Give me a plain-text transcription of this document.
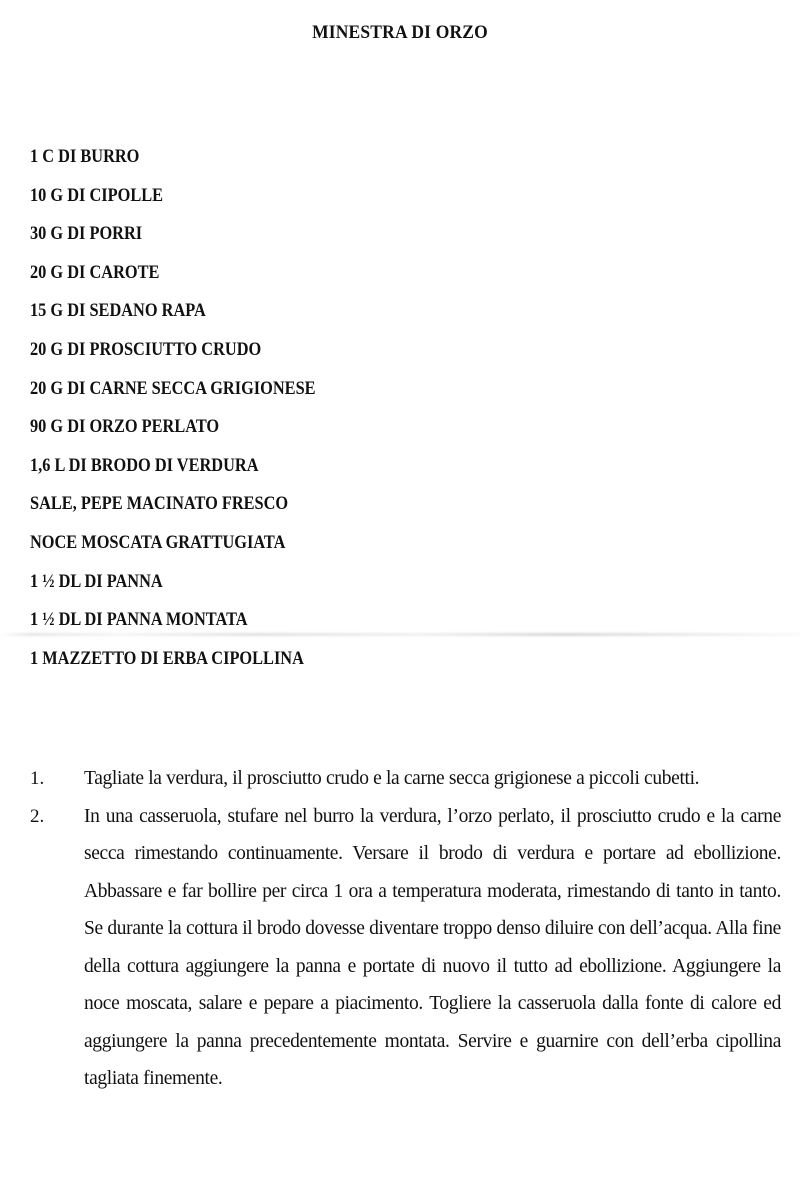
MINESTRA DI ORZO
1 C DI BURRO
10 G DI CIPOLLE
30 G DI PORRI
20 G DI CAROTE
15 G DI SEDANO RAPA
20 G DI PROSCIUTTO CRUDO
20 G DI CARNE SECCA GRIGIONESE
90 G DI ORZO PERLATO
1,6 L DI BRODO DI VERDURA
SALE, PEPE MACINATO FRESCO
NOCE MOSCATA GRATTUGIATA
1 ½ DL DI PANNA
1 ½ DL DI PANNA MONTATA
1 MAZZETTO DI ERBA CIPOLLINA
1. Tagliate la verdura, il prosciutto crudo e la carne secca grigionese a piccoli cubetti.
2. In una casseruola, stufare nel burro la verdura, l’orzo perlato, il prosciutto crudo e la carne secca rimestando continuamente. Versare il brodo di verdura e portare ad ebollizione. Abbassare e far bollire per circa 1 ora a temperatura moderata, rimestando di tanto in tanto. Se durante la cottura il brodo dovesse diventare troppo denso diluire con dell’acqua. Alla fine della cottura aggiungere la panna e portate di nuovo il tutto ad ebollizione. Aggiungere la noce moscata, salare e pepare a piacimento. Togliere la casseruola dalla fonte di calore ed aggiungere la panna precedentemente montata. Servire e guarnire con dell’erba cipollina tagliata finemente.
